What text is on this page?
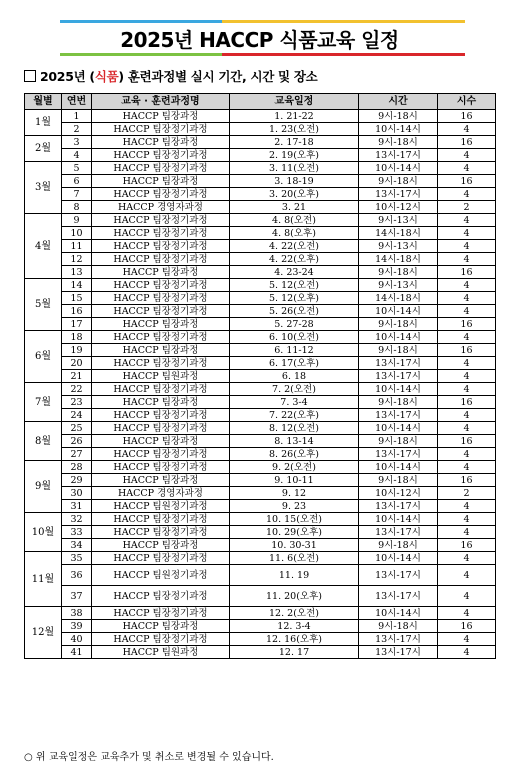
2025년 HACCP 식품교육 일정
2025년 (식품) 훈련과정별 실시 기간, 시간 및 장소
월별	연번	교육 · 훈련과정명	교육일정	시간	시수
1월	1	HACCP 팀장과정	1. 21-22	9시-18시	16
	2	HACCP 팀장정기과정	1. 23(오전)	10시-14시	4
2월	3	HACCP 팀장과정	2. 17-18	9시-18시	16
	4	HACCP 팀장정기과정	2. 19(오후)	13시-17시	4
3월	5	HACCP 팀장정기과정	3. 11(오전)	10시-14시	4
	6	HACCP 팀장과정	3. 18-19	9시-18시	16
	7	HACCP 팀장정기과정	3. 20(오후)	13시-17시	4
	8	HACCP 경영자과정	3. 21	10시-12시	2
4월	9	HACCP 팀장정기과정	4. 8(오전)	9시-13시	4
	10	HACCP 팀장정기과정	4. 8(오후)	14시-18시	4
	11	HACCP 팀장정기과정	4. 22(오전)	9시-13시	4
	12	HACCP 팀장정기과정	4. 22(오후)	14시-18시	4
	13	HACCP 팀장과정	4. 23-24	9시-18시	16
5월	14	HACCP 팀장정기과정	5. 12(오전)	9시-13시	4
	15	HACCP 팀장정기과정	5. 12(오후)	14시-18시	4
	16	HACCP 팀장정기과정	5. 26(오전)	10시-14시	4
	17	HACCP 팀장과정	5. 27-28	9시-18시	16
6월	18	HACCP 팀장정기과정	6. 10(오전)	10시-14시	4
	19	HACCP 팀장과정	6. 11-12	9시-18시	16
	20	HACCP 팀장정기과정	6. 17(오후)	13시-17시	4
	21	HACCP 팀원과정	6. 18	13시-17시	4
7월	22	HACCP 팀장정기과정	7. 2(오전)	10시-14시	4
	23	HACCP 팀장과정	7. 3-4	9시-18시	16
	24	HACCP 팀장정기과정	7. 22(오후)	13시-17시	4
8월	25	HACCP 팀장정기과정	8. 12(오전)	10시-14시	4
	26	HACCP 팀장과정	8. 13-14	9시-18시	16
	27	HACCP 팀장정기과정	8. 26(오후)	13시-17시	4
9월	28	HACCP 팀장정기과정	9. 2(오전)	10시-14시	4
	29	HACCP 팀장과정	9. 10-11	9시-18시	16
	30	HACCP 경영자과정	9. 12	10시-12시	2
	31	HACCP 팀원정기과정	9. 23	13시-17시	4
10월	32	HACCP 팀장정기과정	10. 15(오전)	10시-14시	4
	33	HACCP 팀장정기과정	10. 29(오후)	13시-17시	4
	34	HACCP 팀장과정	10. 30-31	9시-18시	16
11월	35	HACCP 팀장정기과정	11. 6(오전)	10시-14시	4
	36	HACCP 팀원정기과정	11. 19	13시-17시	4
	37	HACCP 팀장정기과정	11. 20(오후)	13시-17시	4
12월	38	HACCP 팀장정기과정	12. 2(오전)	10시-14시	4
	39	HACCP 팀장과정	12. 3-4	9시-18시	16
	40	HACCP 팀장정기과정	12. 16(오후)	13시-17시	4
	41	HACCP 팀원과정	12. 17	13시-17시	4
○ 위 교육일정은 교육추가 및 취소로 변경될 수 있습니다.
